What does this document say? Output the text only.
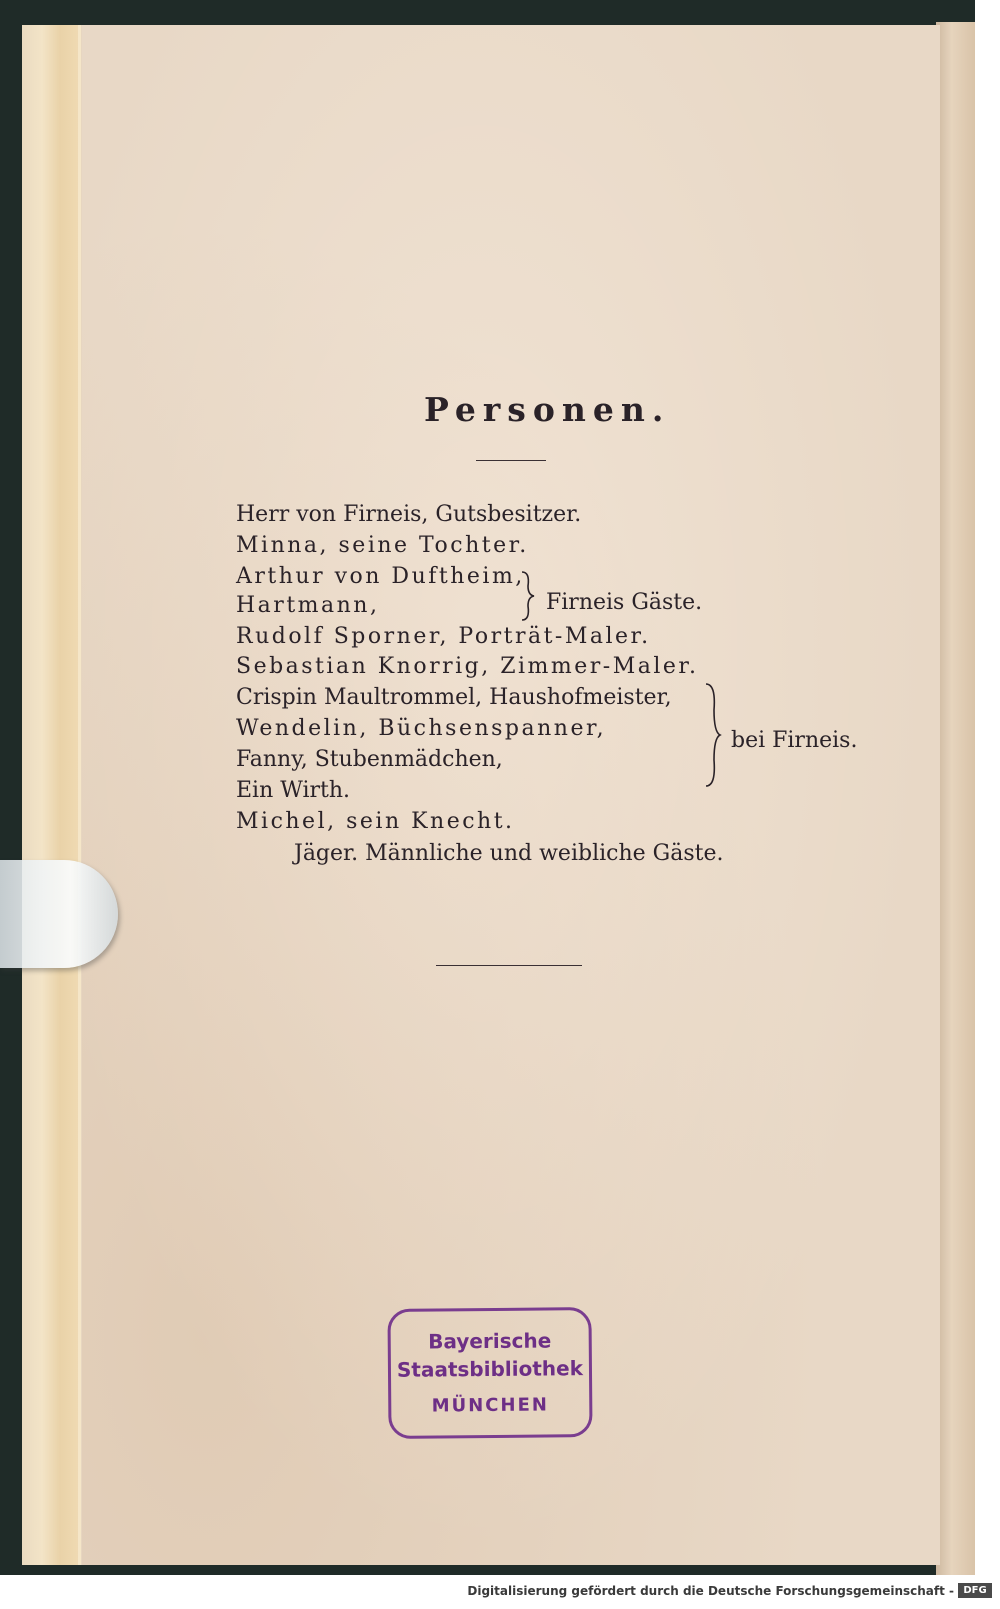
Personen.
Herr von Firneis, Gutsbesitzer.
Minna, seine Tochter.
Arthur von Duftheim,
Hartmann,
Rudolf Sporner, Porträt-Maler.
Sebastian Knorrig, Zimmer-Maler.
Crispin Maultrommel, Haushofmeister,
Wendelin, Büchsenspanner,
Fanny, Stubenmädchen,
Ein Wirth.
Michel, sein Knecht.
Jäger. Männliche und weibliche Gäste.
Firneis Gäste.
bei Firneis.
Bayerische
Staatsbibliothek
MÜNCHEN
Digitalisierung gefördert durch die Deutsche Forschungsgemeinschaft - DFG
